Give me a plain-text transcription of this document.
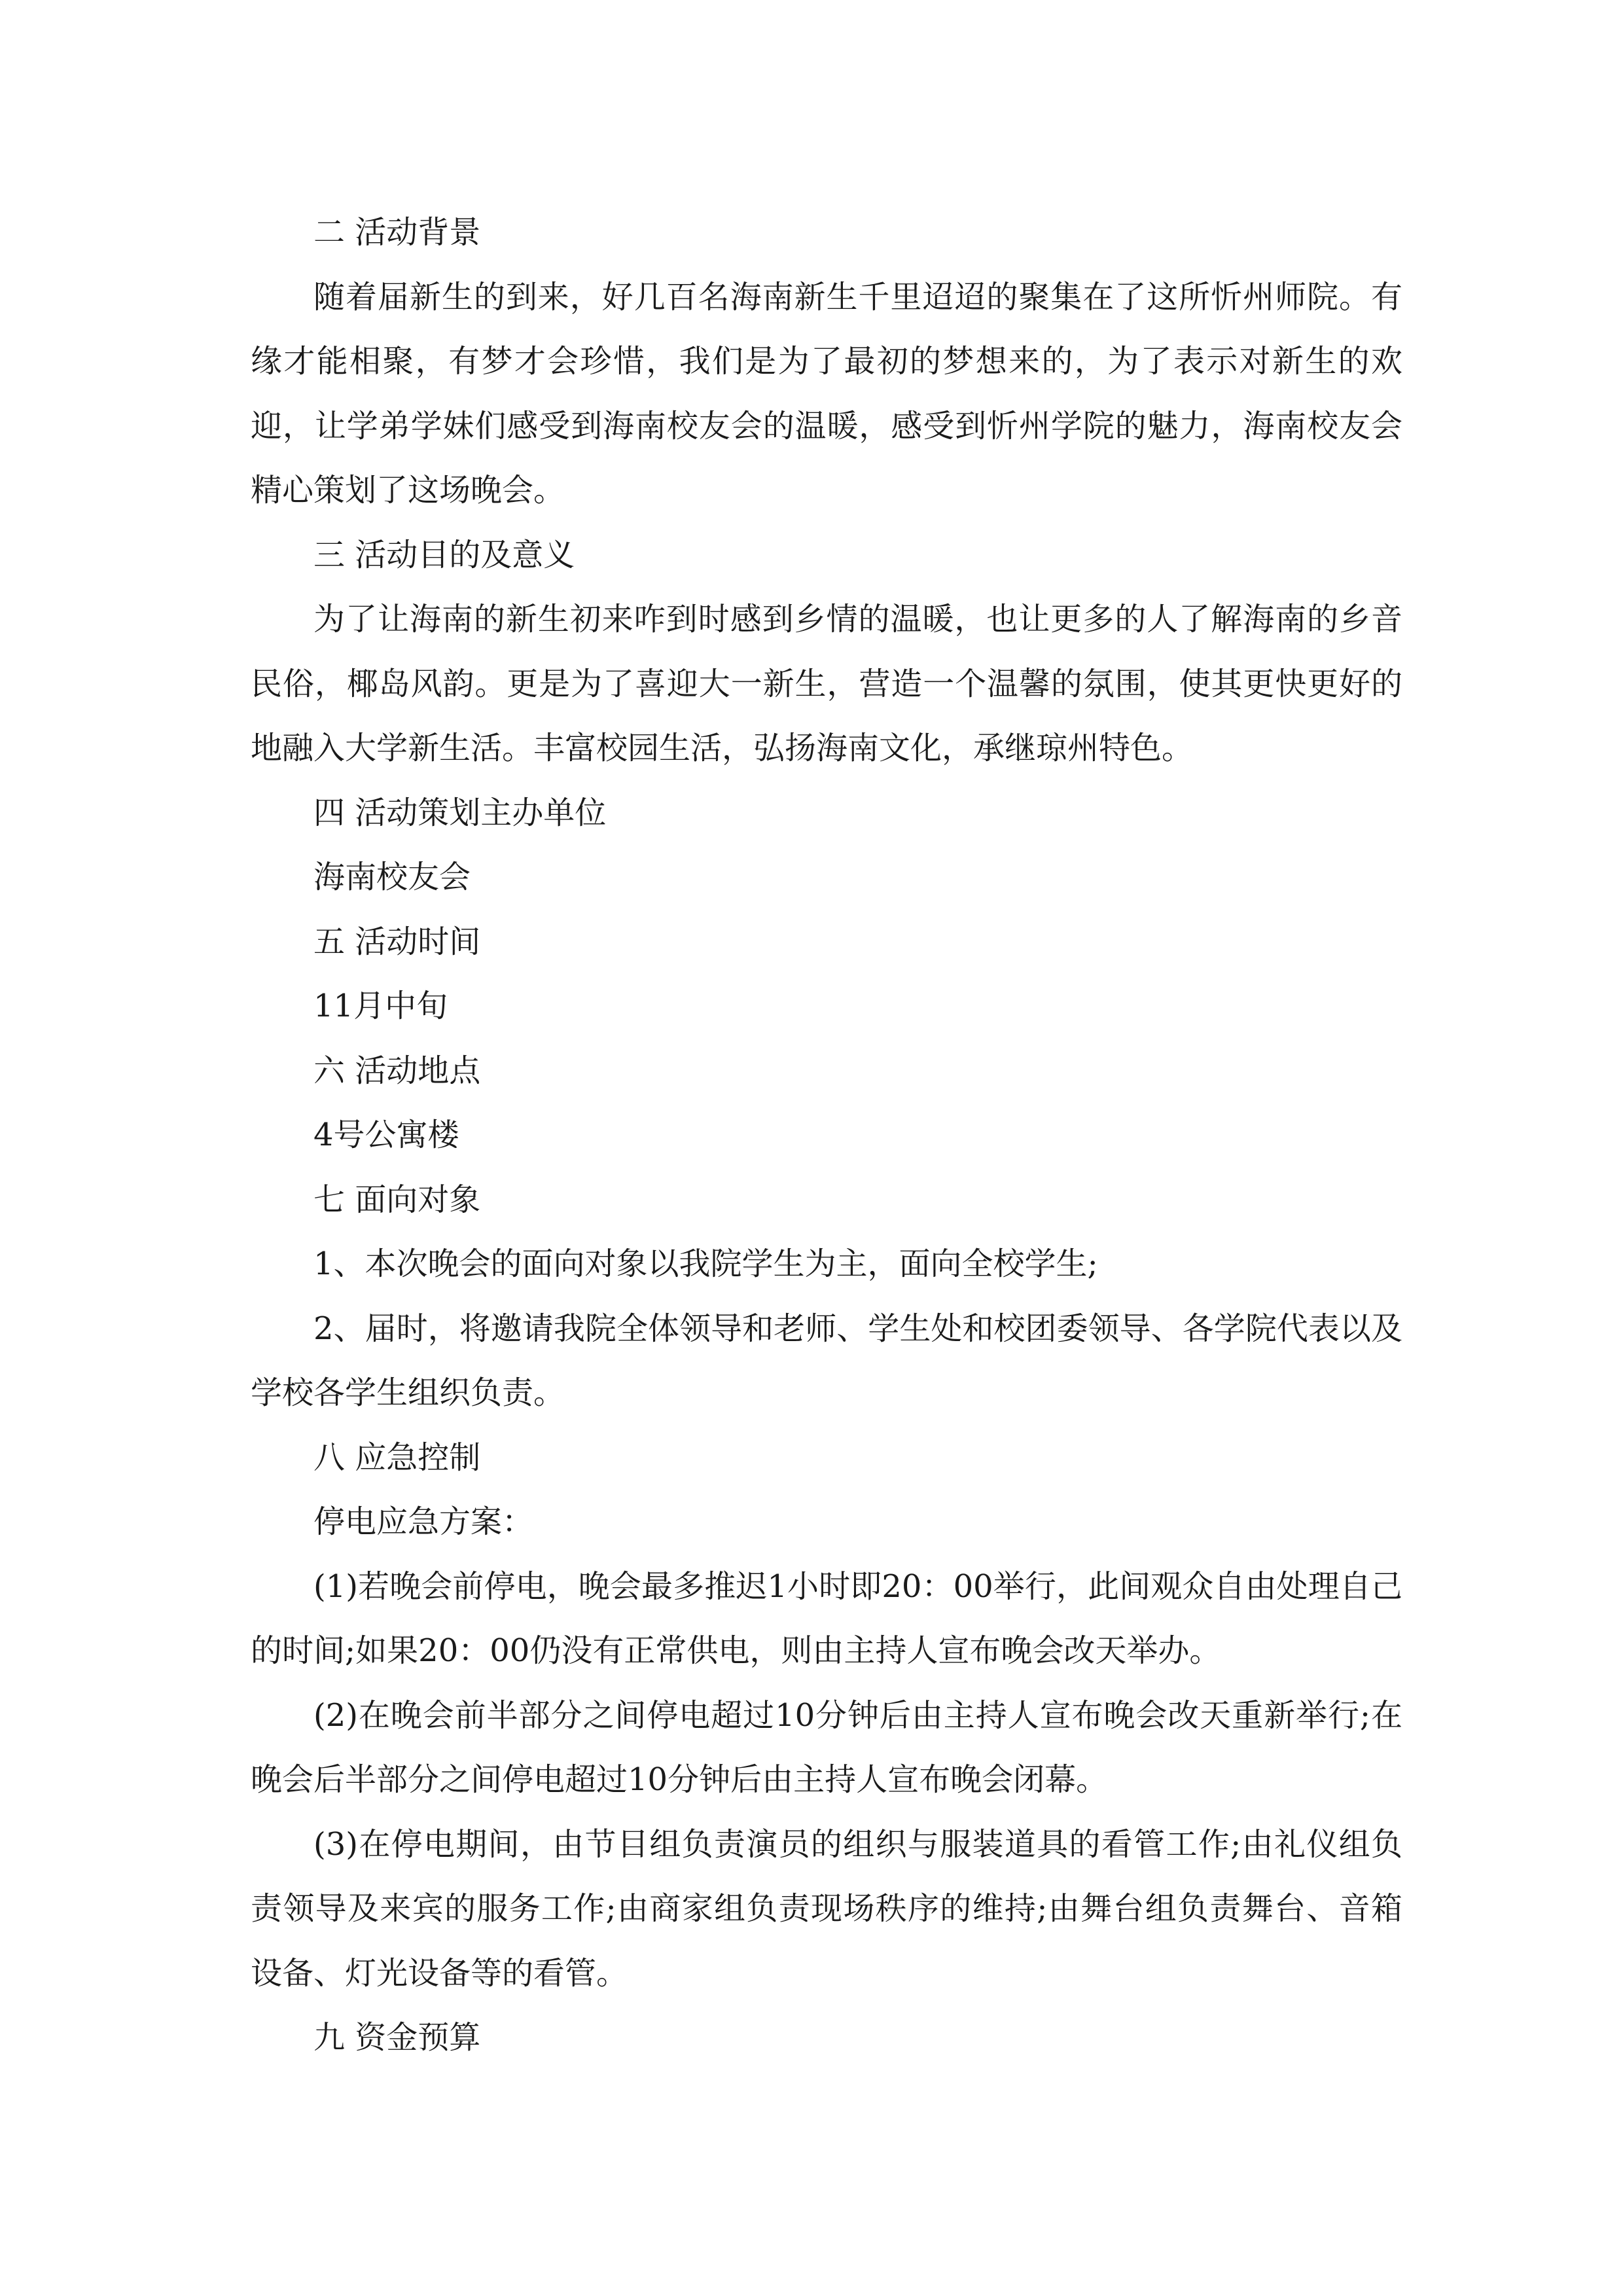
二 活动背景

随着届新生的到来，好几百名海南新生千里迢迢的聚集在了这所忻州师院。有缘才能相聚，有梦才会珍惜，我们是为了最初的梦想来的，为了表示对新生的欢迎，让学弟学妹们感受到海南校友会的温暖，感受到忻州学院的魅力，海南校友会精心策划了这场晚会。

三 活动目的及意义

为了让海南的新生初来咋到时感到乡情的温暖，也让更多的人了解海南的乡音民俗，椰岛风韵。更是为了喜迎大一新生，营造一个温馨的氛围，使其更快更好的地融入大学新生活。丰富校园生活，弘扬海南文化，承继琼州特色。

四 活动策划主办单位

海南校友会

五 活动时间

11月中旬

六 活动地点

4号公寓楼

七 面向对象

1、本次晚会的面向对象以我院学生为主，面向全校学生;

2、届时，将邀请我院全体领导和老师、学生处和校团委领导、各学院代表以及学校各学生组织负责。

八 应急控制

停电应急方案：

(1)若晚会前停电，晚会最多推迟1小时即20：00举行，此间观众自由处理自己的时间;如果20：00仍没有正常供电，则由主持人宣布晚会改天举办。

(2)在晚会前半部分之间停电超过10分钟后由主持人宣布晚会改天重新举行;在晚会后半部分之间停电超过10分钟后由主持人宣布晚会闭幕。

(3)在停电期间，由节目组负责演员的组织与服装道具的看管工作;由礼仪组负责领导及来宾的服务工作;由商家组负责现场秩序的维持;由舞台组负责舞台、音箱设备、灯光设备等的看管。

九 资金预算
